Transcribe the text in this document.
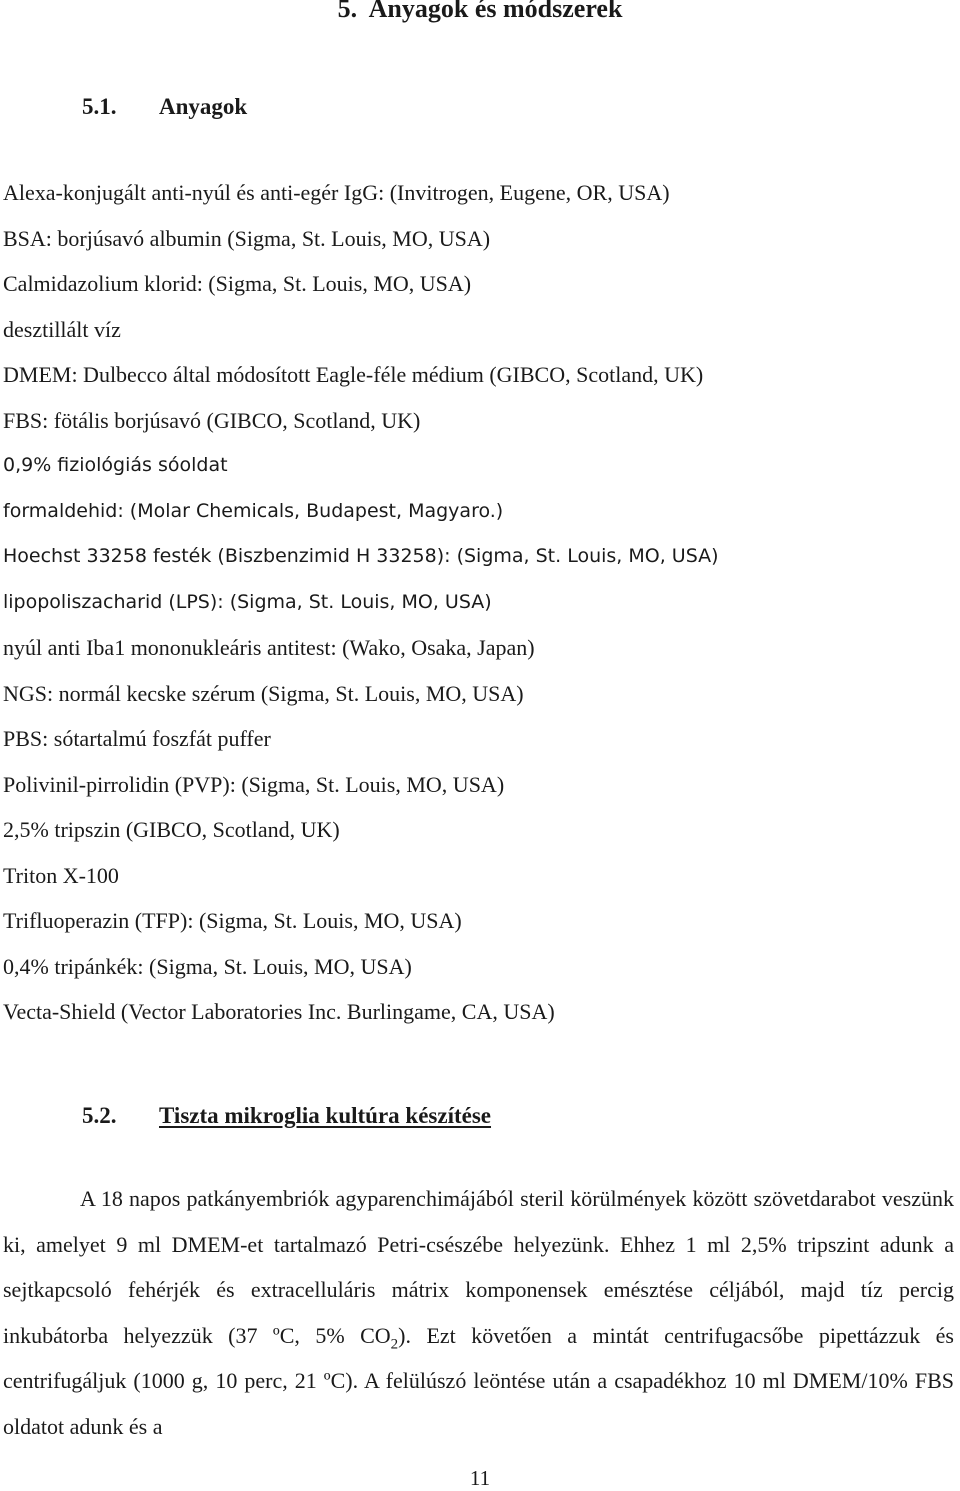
5.  Anyagok és módszerek
5.1. Anyagok
Alexa-konjugált anti-nyúl és anti-egér IgG: (Invitrogen, Eugene, OR, USA)
BSA: borjúsavó albumin (Sigma, St. Louis, MO, USA)
Calmidazolium klorid: (Sigma, St. Louis, MO, USA)
desztillált víz
DMEM: Dulbecco által módosított Eagle-féle médium (GIBCO, Scotland, UK)
FBS: fötális borjúsavó (GIBCO, Scotland, UK)
0,9% fiziológiás sóoldat
formaldehid: (Molar Chemicals, Budapest, Magyaro.)
Hoechst 33258 festék (Biszbenzimid H 33258): (Sigma, St. Louis, MO, USA)
lipopoliszacharid (LPS): (Sigma, St. Louis, MO, USA)
nyúl anti Iba1 mononukleáris antitest: (Wako, Osaka, Japan)
NGS: normál kecske szérum (Sigma, St. Louis, MO, USA)
PBS: sótartalmú foszfát puffer
Polivinil-pirrolidin (PVP): (Sigma, St. Louis, MO, USA)
2,5% tripszin (GIBCO, Scotland, UK)
Triton X-100
Trifluoperazin (TFP): (Sigma, St. Louis, MO, USA)
0,4% tripánkék: (Sigma, St. Louis, MO, USA)
Vecta-Shield (Vector Laboratories Inc. Burlingame, CA, USA)
5.2. Tiszta mikroglia kultúra készítése

A 18 napos patkányembriók agyparenchimájából steril körülmények között szövetdarabot veszünk ki, amelyet 9 ml DMEM-et tartalmazó Petri-csészébe helyezünk. Ehhez 1 ml 2,5% tripszint adunk a sejtkapcsoló fehérjék és extracelluláris mátrix komponensek emésztése céljából, majd tíz percig inkubátorba helyezzük (37 ºC, 5% $CO_2$). Ezt követően a mintát centrifugacsőbe pipettázzuk és centrifugáljuk (1000 g, 10 perc, 21 ºC). A felülúszó leöntése után a csapadékhoz 10 ml DMEM/10% FBS oldatot adunk és a

11
